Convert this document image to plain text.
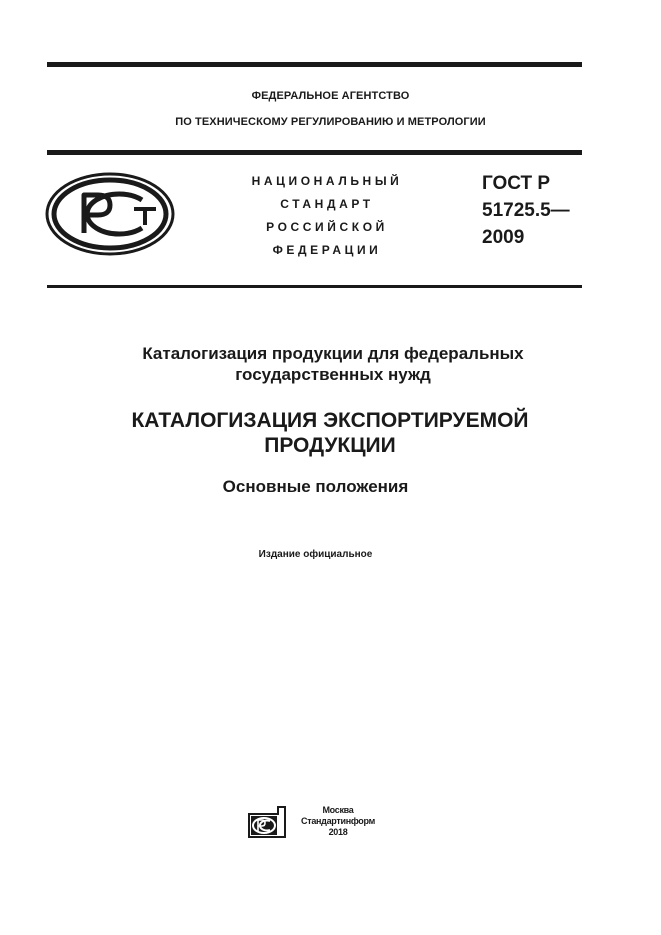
ФЕДЕРАЛЬНОЕ АГЕНТСТВО
ПО ТЕХНИЧЕСКОМУ РЕГУЛИРОВАНИЮ И МЕТРОЛОГИИ
НАЦИОНАЛЬНЫЙ
СТАНДАРТ
РОССИЙСКОЙ
ФЕДЕРАЦИИ
ГОСТ Р
51725.5—
2009
Каталогизация продукции для федеральных
государственных нужд
КАТАЛОГИЗАЦИЯ ЭКСПОРТИРУЕМОЙ
ПРОДУКЦИИ
Основные положения
Издание официальное
Москва
Стандартинформ
2018
